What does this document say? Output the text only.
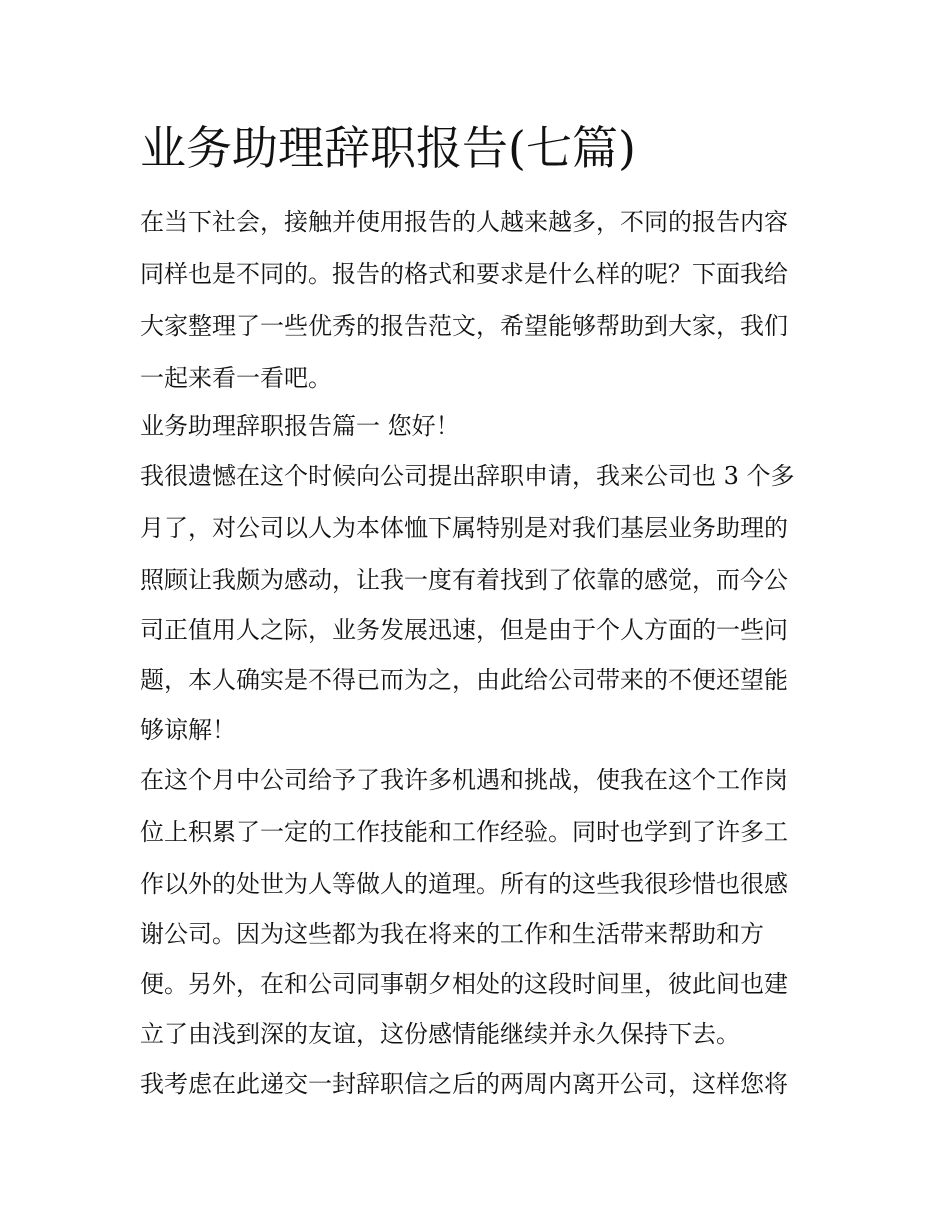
业务助理辞职报告(七篇)

在当下社会，接触并使用报告的人越来越多，不同的报告内容

同样也是不同的。报告的格式和要求是什么样的呢？下面我给

大家整理了一些优秀的报告范文，希望能够帮助到大家，我们

一起来看一看吧。

业务助理辞职报告篇一 您好！

我很遗憾在这个时候向公司提出辞职申请，我来公司也 3 个多

月了，对公司以人为本体恤下属特别是对我们基层业务助理的

照顾让我颇为感动，让我一度有着找到了依靠的感觉，而今公

司正值用人之际，业务发展迅速，但是由于个人方面的一些问

题，本人确实是不得已而为之，由此给公司带来的不便还望能

够谅解！

在这个月中公司给予了我许多机遇和挑战，使我在这个工作岗

位上积累了一定的工作技能和工作经验。同时也学到了许多工

作以外的处世为人等做人的道理。所有的这些我很珍惜也很感

谢公司。因为这些都为我在将来的工作和生活带来帮助和方

便。另外，在和公司同事朝夕相处的这段时间里，彼此间也建

立了由浅到深的友谊，这份感情能继续并永久保持下去。

我考虑在此递交一封辞职信之后的两周内离开公司，这样您将
